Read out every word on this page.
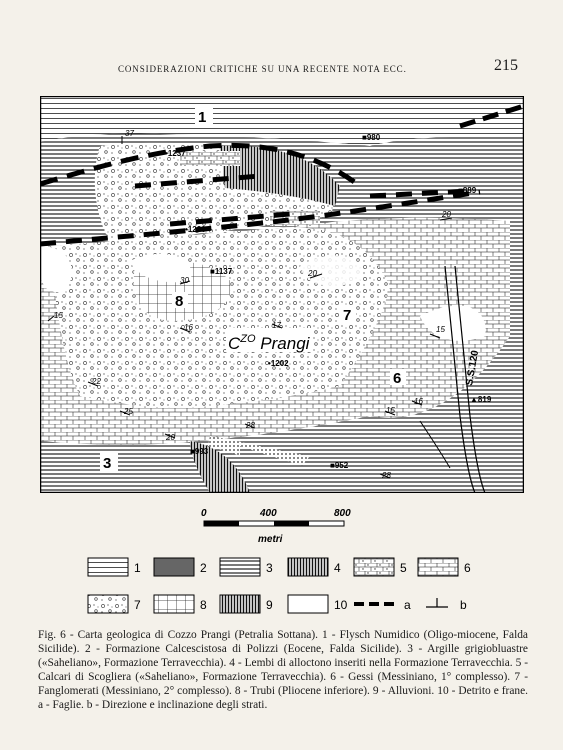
CONSIDERAZIONI CRITICHE SU UNA RECENTE NOTA ECC.	215
1
3
6
7
8
$C^{ZO}$ Prangi
S.S.120
•1237
■980
■889
•1236
■1137
•1202
▲819
■993
■952
37
20
30
20
15
16	17	15
22
25
20
28
15
16
28
0	400	800
metri
1	2	3	4	5	6
7	8	9	10	a	b
Fig. 6 - Carta geologica di Cozzo Prangi (Petralia Sottana). 1 - Flysch Numidico (Oligo-miocene, Falda Sicilide). 2 - Formazione Calcescistosa di Polizzi (Eocene, Falda Sicilide). 3 - Argille grigiobluastre («Saheliano», Formazione Terravecchia). 4 - Lembi di alloctono inseriti nella Formazione Terravecchia. 5 - Calcari di Scogliera («Saheliano», Formazione Terravecchia). 6 - Gessi (Messiniano, 1° complesso). 7 - Fanglomerati (Messiniano, 2° complesso). 8 - Trubi (Pliocene inferiore). 9 - Alluvioni. 10 - Detrito e frane. a - Faglie. b - Direzione e inclinazione degli strati.
